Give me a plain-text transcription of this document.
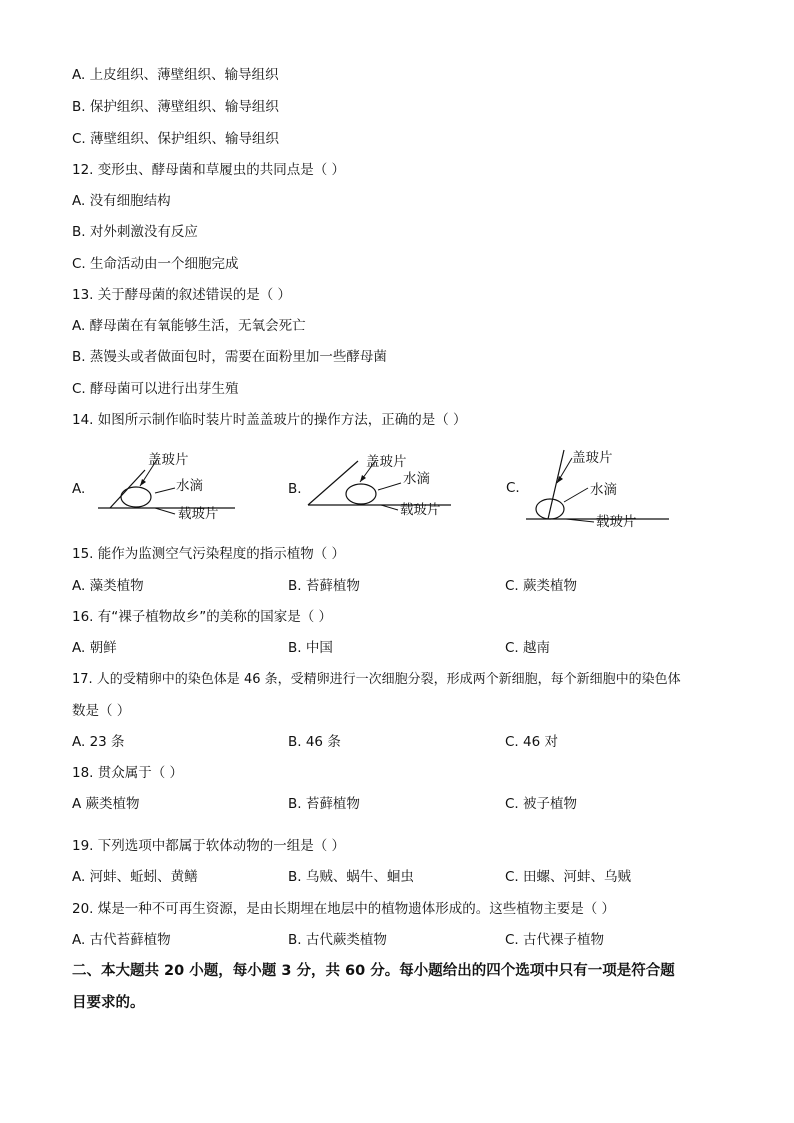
A. 上皮组织、薄壁组织、输导组织
B. 保护组织、薄壁组织、输导组织
C. 薄壁组织、保护组织、输导组织
12. 变形虫、酵母菌和草履虫的共同点是（ ）
A. 没有细胞结构
B. 对外刺激没有反应
C. 生命活动由一个细胞完成
13. 关于酵母菌的叙述错误的是（ ）
A. 酵母菌在有氧能够生活，无氧会死亡
B. 蒸馒头或者做面包时，需要在面粉里加一些酵母菌
C. 酵母菌可以进行出芽生殖
14. 如图所示制作临时装片时盖盖玻片的操作方法，正确的是（ ）
A.
盖玻片
水滴
载玻片
B.
盖玻片
水滴
载玻片
C.
盖玻片
水滴
载玻片
15. 能作为监测空气污染程度的指示植物（ ）
A. 藻类植物	B. 苔藓植物	C. 蕨类植物
16. 有“裸子植物故乡”的美称的国家是（ ）
A. 朝鲜	B. 中国	C. 越南
17. 人的受精卵中的染色体是 46 条，受精卵进行一次细胞分裂，形成两个新细胞，每个新细胞中的染色体
数是（ ）
A. 23 条	B. 46 条	C. 46 对
18. 贯众属于（ ）
A 蕨类植物	B. 苔藓植物	C. 被子植物
19. 下列选项中都属于软体动物的一组是（ ）
A. 河蚌、蚯蚓、黄鳝	B. 乌贼、蜗牛、蛔虫	C. 田螺、河蚌、乌贼
20. 煤是一种不可再生资源，是由长期埋在地层中的植物遗体形成的。这些植物主要是（ ）
A. 古代苔藓植物	B. 古代蕨类植物	C. 古代裸子植物
二、本大题共 20 小题，每小题 3 分，共 60 分。每小题给出的四个选项中只有一项是符合题
目要求的。
